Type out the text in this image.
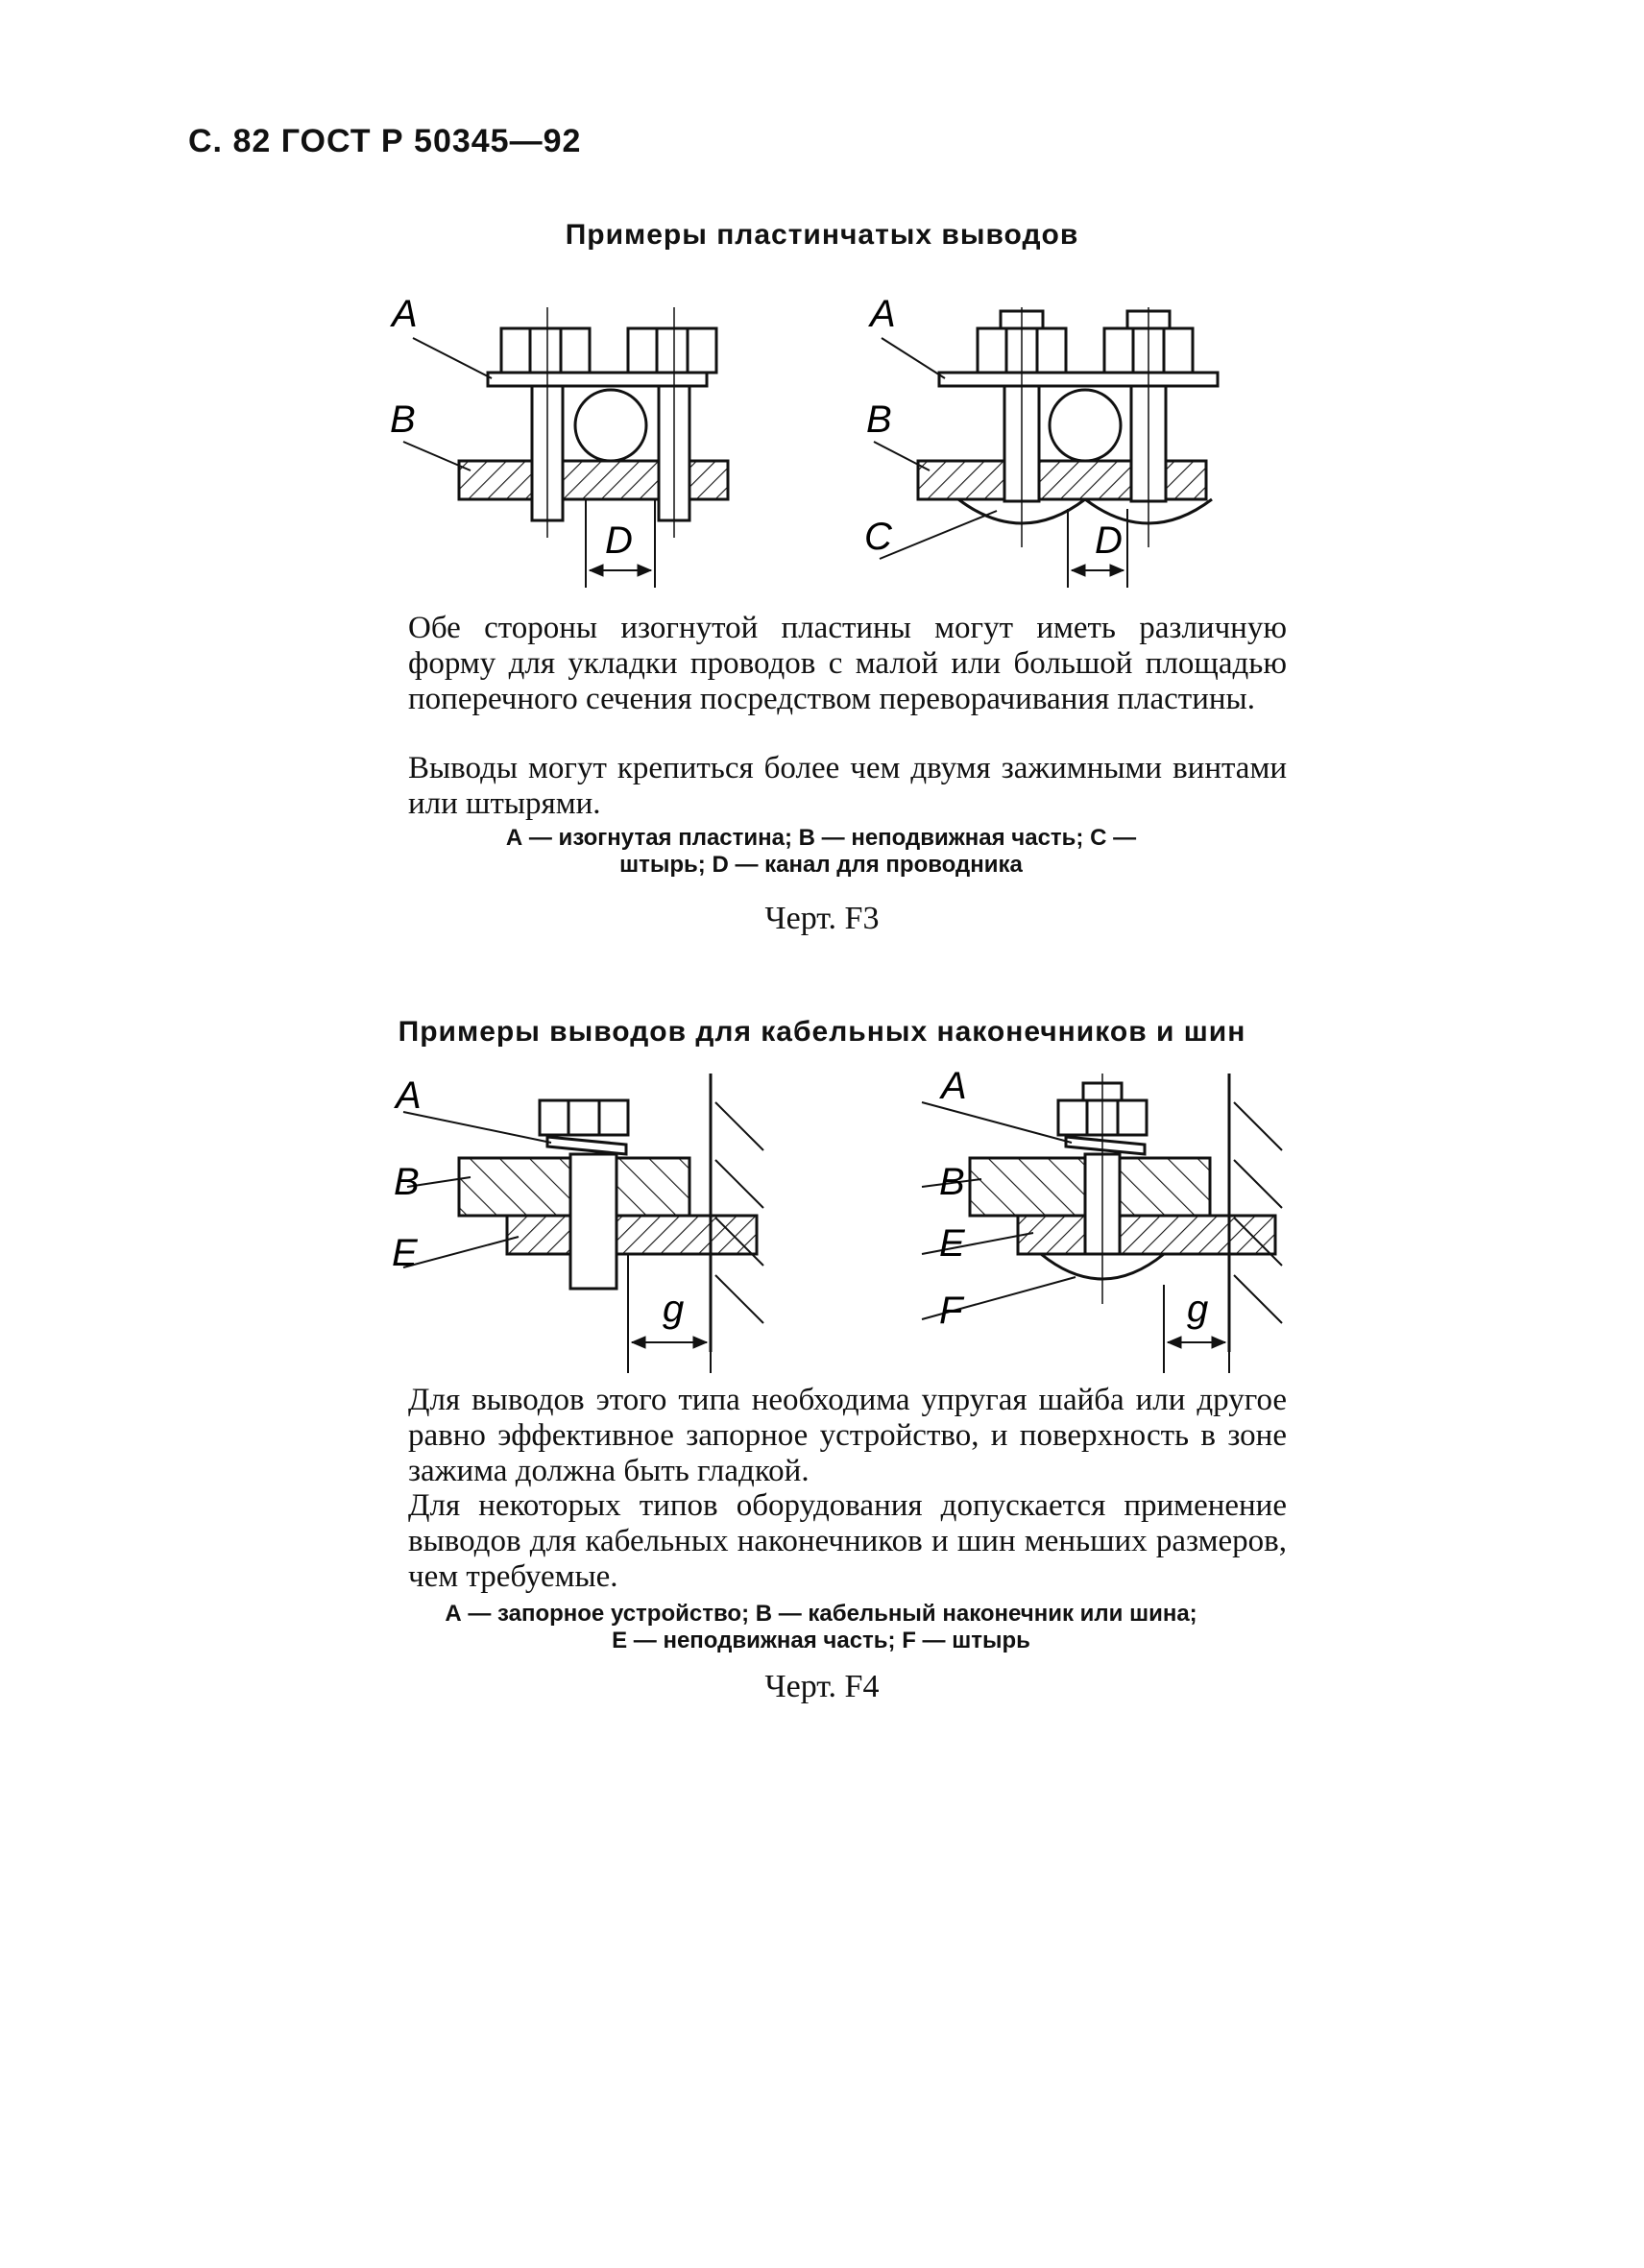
С. 82 ГОСТ Р 50345—92
Примеры пластинчатых выводов
A
B
D
A
B
C	D

Обе стороны изогнутой пластины могут иметь различную форму для укладки проводов с малой или большой площадью поперечного сечения посредством переворачивания пластины.

Выводы могут крепиться более чем двумя зажимными винтами или штырями.

А — изогнутая пластина; В — неподвижная часть; С —

штырь; D — канал для проводника

Черт. F3
Примеры выводов для кабельных наконечников и шин
A
B
E
g
A
B
E
F	g

Для выводов этого типа необходима упругая шайба или другое равно эффективное запорное устройство, и поверхность в зоне зажима должна быть гладкой.

Для некоторых типов оборудования допускается применение выводов для кабельных наконечников и шин меньших размеров, чем требуемые.

А — запорное устройство; В — кабельный наконечник или шина;

Е — неподвижная часть; F — штырь

Черт. F4
